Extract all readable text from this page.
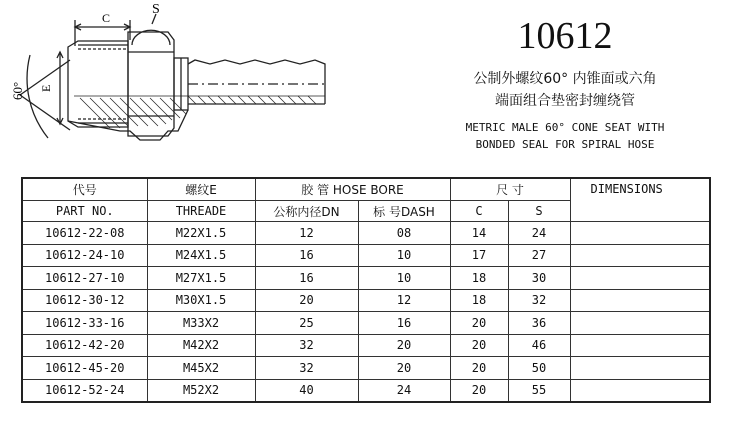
C
S
E
60°
10612
公制外螺纹60° 内锥面或六角
端面组合垫密封缠绕管
METRIC MALE 60° CONE SEAT WITH
BONDED SEAL FOR SPIRAL HOSE
代号	螺纹E	胶 管 HOSE BORE		尺 寸		DIMENSIONS
PART NO.	THREADE	公称内径DN	标 号DASH	C	S	
10612-22-08	M22X1.5	12	08	14	24	
10612-24-10	M24X1.5	16	10	17	27	
10612-27-10	M27X1.5	16	10	18	30	
10612-30-12	M30X1.5	20	12	18	32	
10612-33-16	M33X2	25	16	20	36	
10612-42-20	M42X2	32	20	20	46	
10612-45-20	M45X2	32	20	20	50	
10612-52-24	M52X2	40	24	20	55	
